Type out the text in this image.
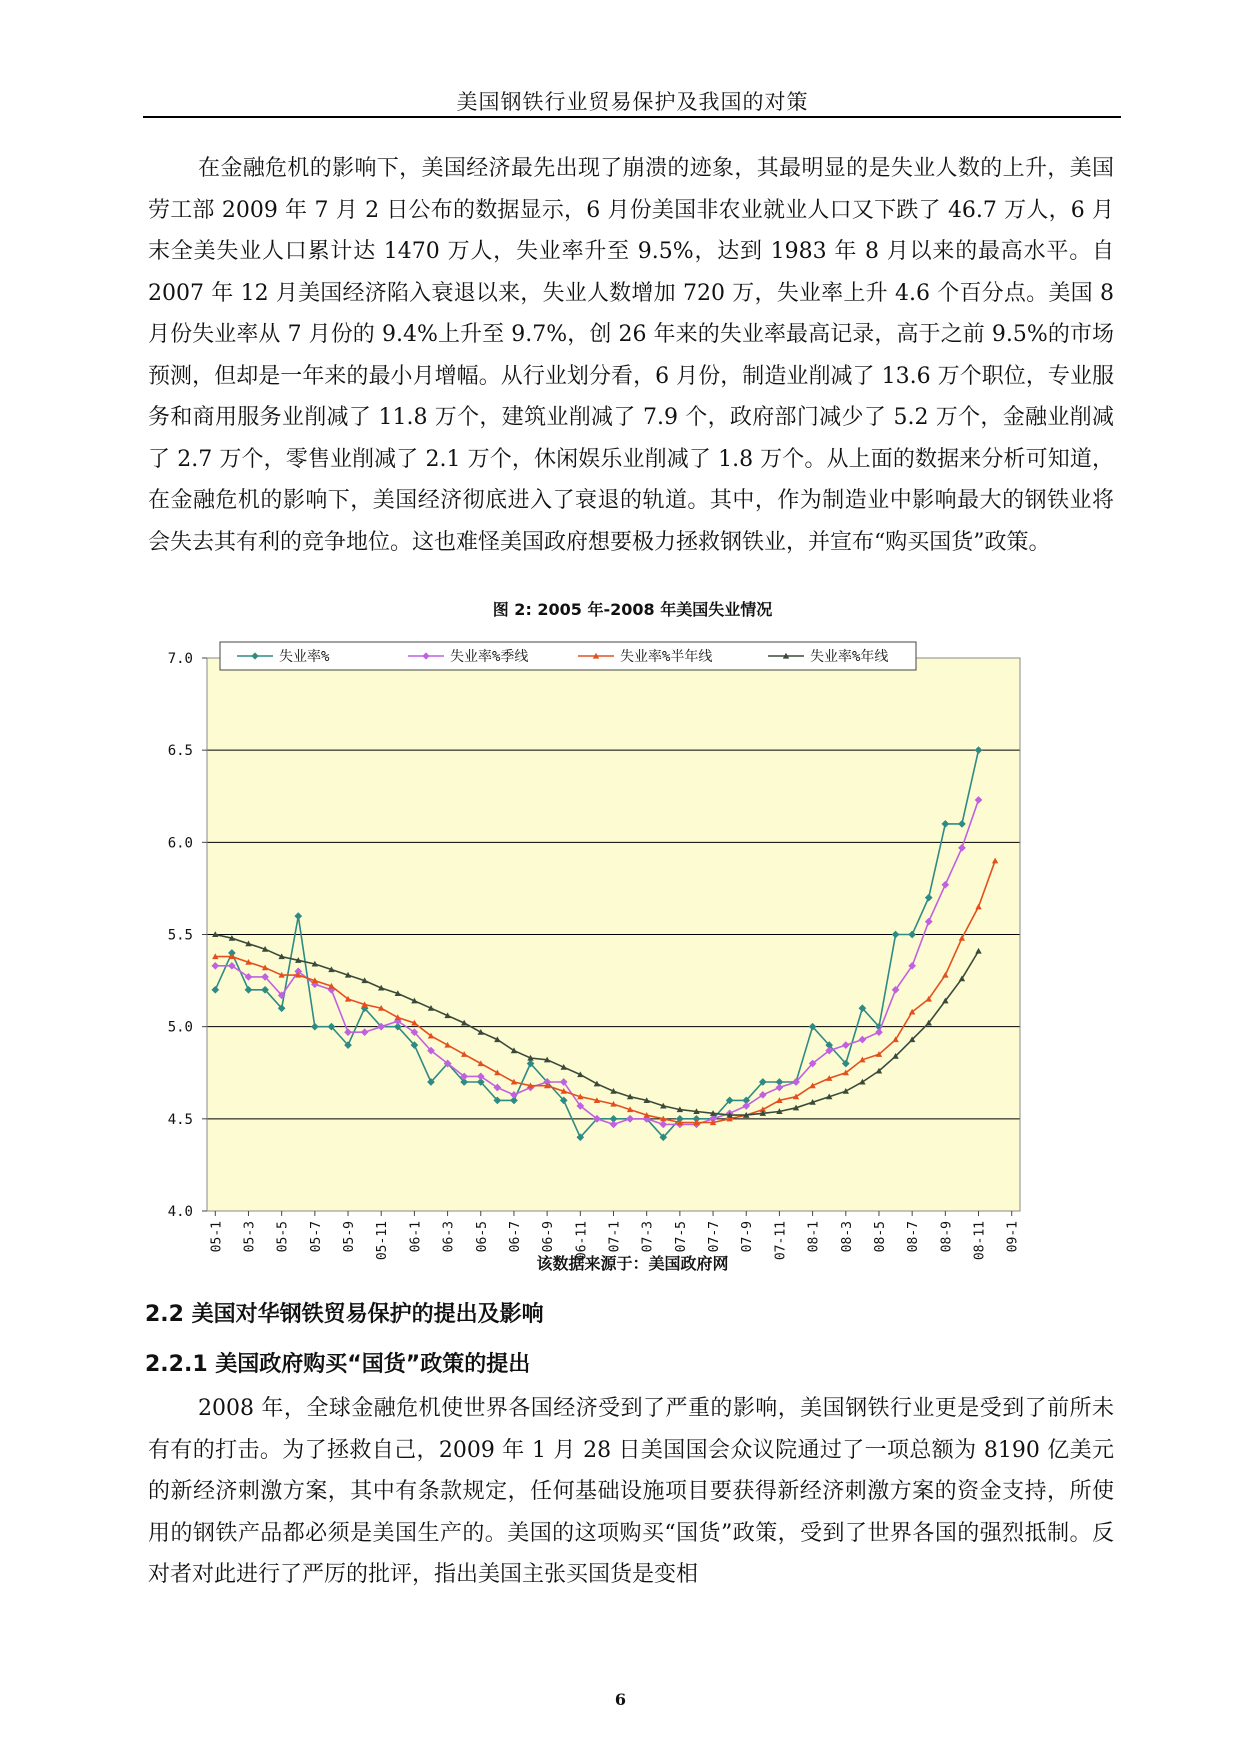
美国钢铁行业贸易保护及我国的对策

在金融危机的影响下，美国经济最先出现了崩溃的迹象，其最明显的是失业人数的上升，美国劳工部 2009 年 7 月 2 日公布的数据显示，6 月份美国非农业就业人口又下跌了 46.7 万人，6 月末全美失业人口累计达 1470 万人，失业率升至 9.5%，达到 1983 年 8 月以来的最高水平。自 2007 年 12 月美国经济陷入衰退以来，失业人数增加 720 万，失业率上升 4.6 个百分点。美国 8 月份失业率从 7 月份的 9.4%上升至 9.7%，创 26 年来的失业率最高记录，高于之前 9.5%的市场预测，但却是一年来的最小月增幅。从行业划分看，6 月份，制造业削减了 13.6 万个职位，专业服务和商用服务业削减了 11.8 万个，建筑业削减了 7.9 个，政府部门减少了 5.2 万个，金融业削减了 2.7 万个，零售业削减了 2.1 万个，休闲娱乐业削减了 1.8 万个。从上面的数据来分析可知道，在金融危机的影响下，美国经济彻底进入了衰退的轨道。其中，作为制造业中影响最大的钢铁业将会失去其有利的竞争地位。这也难怪美国政府想要极力拯救钢铁业，并宣布“购买国货”政策。

图 2: 2005 年-2008 年美国失业情况
4.0
4.5
5.0
5.5
6.0
6.5
7.0
05-1 05-3 05-5 05-7 05-9 05-11 06-1 06-3 06-5 06-7 06-9 06-11 07-1 07-3 07-5 07-7 07-9 07-11 08-1 08-3 08-5 08-7 08-9 08-11 09-1
失业率%	失业率%季线	失业率%半年线	失业率%年线
该数据来源于：美国政府网
2.2 美国对华钢铁贸易保护的提出及影响
2.2.1 美国政府购买“国货”政策的提出

2008 年，全球金融危机使世界各国经济受到了严重的影响，美国钢铁行业更是受到了前所未有有的打击。为了拯救自己，2009 年 1 月 28 日美国国会众议院通过了一项总额为 8190 亿美元的新经济刺激方案，其中有条款规定，任何基础设施项目要获得新经济刺激方案的资金支持，所使用的钢铁产品都必须是美国生产的。美国的这项购买“国货”政策，受到了世界各国的强烈抵制。反对者对此进行了严厉的批评，指出美国主张买国货是变相

6
